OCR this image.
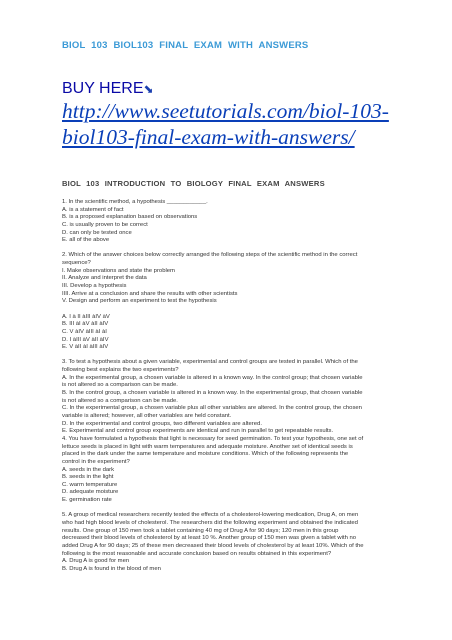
BIOL 103 BIOL103 FINAL EXAM WITH ANSWERS
BUY HERE⬊
http://www.seetutorials.com/biol-103-biol103-final-exam-with-answers/
BIOL 103 INTRODUCTION TO BIOLOGY FINAL EXAM ANSWERS

1. In the scientific method, a hypothesis ____________.

A. is a statement of fact

B. is a proposed explanation based on observations

C. is usually proven to be correct

D. can only be tested once

E. all of the above

2. Which of the answer choices below correctly arranged the following steps of the scientific method in the correct

sequence?

I. Make observations and state the problem

II. Analyze and interpret the data

III. Develop a hypothesis

IIII. Arrive at a conclusion and share the results with other scientists

V. Design and perform an experiment to test the hypothesis

A. I à II àIII àIV àV

B. III àI àV àII àIV

C. V àIV àIII àI àI

D. I àIII àV àII àIV

E. V àII àI àIII àIV

3. To test a hypothesis about a given variable, experimental and control groups are tested in parallel. Which of the

following best explains the two experiments?

A. In the experimental group, a chosen variable is altered in a known way. In the control group; that chosen variable

is not altered so a comparison can be made.

B. In the control group, a chosen variable is altered in a known way. In the experimental group, that chosen variable

is not altered so a comparison can be made.

C. In the experimental group, a chosen variable plus all other variables are altered. In the control group, the chosen

variable is altered; however, all other variables are held constant.

D. In the experimental and control groups, two different variables are altered.

E. Experimental and control group experiments are identical and run in parallel to get repeatable results.

4. You have formulated a hypothesis that light is necessary for seed germination. To test your hypothesis, one set of

lettuce seeds is placed in light with warm temperatures and adequate moisture. Another set of identical seeds is

placed in the dark under the same temperature and moisture conditions. Which of the following represents the

control in the experiment?

A. seeds in the dark

B. seeds in the light

C. warm temperature

D. adequate moisture

E. germination rate

5. A group of medical researchers recently tested the effects of a cholesterol-lowering medication, Drug A, on men

who had high blood levels of cholesterol. The researchers did the following experiment and obtained the indicated

results. One group of 150 men took a tablet containing 40 mg of Drug A for 90 days; 120 men in this group

decreased their blood levels of cholesterol by at least 10 %. Another group of 150 men was given a tablet with no

added Drug A for 90 days; 25 of these men decreased their blood levels of cholesterol by at least 10%. Which of the

following is the most reasonable and accurate conclusion based on results obtained in this experiment?

A. Drug A is good for men

B. Drug A is found in the blood of men
